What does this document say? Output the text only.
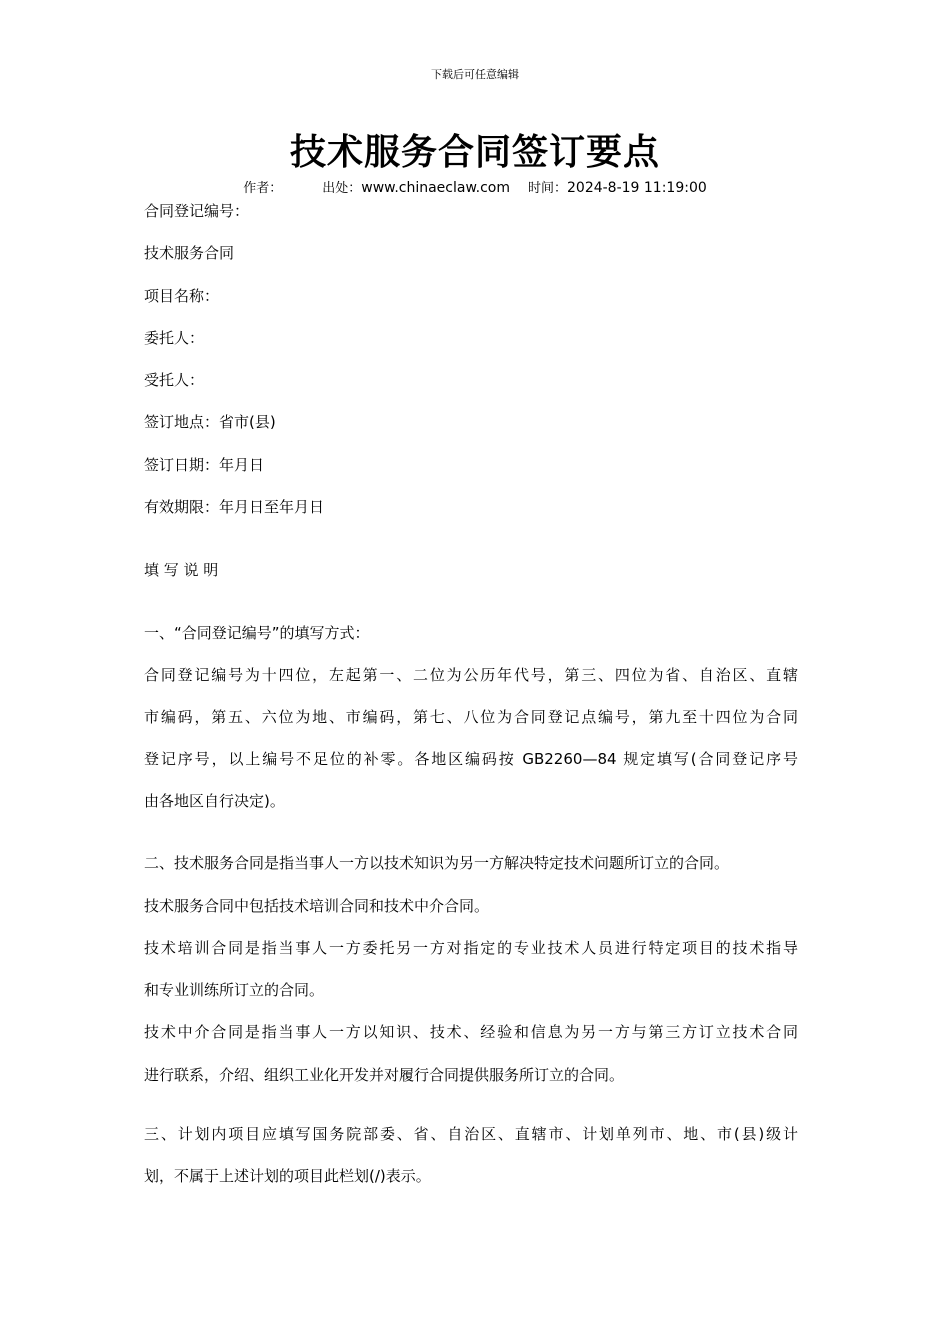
下载后可任意编辑
技术服务合同签订要点
作者：	出处：www.chinaeclaw.com 时间：2024-8-19 11:19:00
合同登记编号：
技术服务合同
项目名称：
委托人：
受托人：
签订地点：省市(县)
签订日期：年月日
有效期限：年月日至年月日
填 写 说 明
一、“合同登记编号”的填写方式：
合同登记编号为十四位，左起第一、二位为公历年代号，第三、四位为省、自治区、直辖
市编码，第五、六位为地、市编码，第七、八位为合同登记点编号，第九至十四位为合同
登记序号，以上编号不足位的补零。各地区编码按 GB2260—84 规定填写(合同登记序号
由各地区自行决定)。
二、技术服务合同是指当事人一方以技术知识为另一方解决特定技术问题所订立的合同。
技术服务合同中包括技术培训合同和技术中介合同。
技术培训合同是指当事人一方委托另一方对指定的专业技术人员进行特定项目的技术指导
和专业训练所订立的合同。
技术中介合同是指当事人一方以知识、技术、经验和信息为另一方与第三方订立技术合同
进行联系，介绍、组织工业化开发并对履行合同提供服务所订立的合同。
三、计划内项目应填写国务院部委、省、自治区、直辖市、计划单列市、地、市(县)级计
划，不属于上述计划的项目此栏划(/)表示。
